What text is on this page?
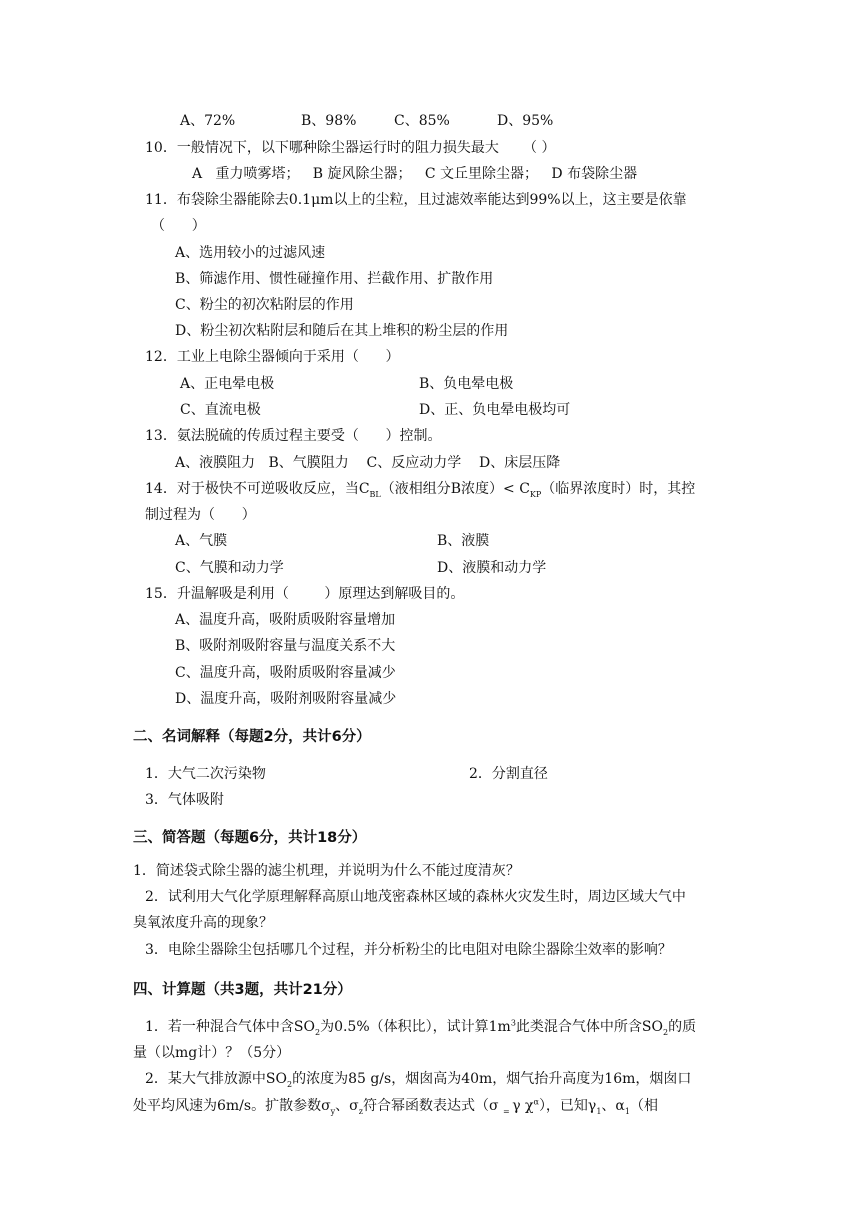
A、72%	B、98%	C、85%	D、95%
10．一般情况下，以下哪种除尘器运行时的阻力损失最大 （ ）
A   重力喷雾塔；   B 旋风除尘器；   C 文丘里除尘器；   D 布袋除尘器
11．布袋除尘器能除去0.1μm以上的尘粒，且过滤效率能达到99%以上，这主要是依靠
（      ）
A、选用较小的过滤风速
B、筛滤作用、惯性碰撞作用、拦截作用、扩散作用
C、粉尘的初次粘附层的作用
D、粉尘初次粘附层和随后在其上堆积的粉尘层的作用
12．工业上电除尘器倾向于采用（      ）
A、正电晕电极	B、负电晕电极
C、直流电极	D、正、负电晕电极均可
13．氨法脱硫的传质过程主要受（      ）控制。
A、液膜阻力   B、气膜阻力    C、反应动力学    D、床层压降
14．对于极快不可逆吸收反应，当$C_{BL}$（液相组分B浓度）< $C_{KP}$（临界浓度时）时，其控
制过程为（      ）
A、气膜	B、液膜
C、气膜和动力学	D、液膜和动力学
15．升温解吸是利用（        ）原理达到解吸目的。
A、温度升高，吸附质吸附容量增加
B、吸附剂吸附容量与温度关系不大
C、温度升高，吸附质吸附容量减少
D、温度升高，吸附剂吸附容量减少
二、名词解释（每题2分，共计6分）
1．大气二次污染物	2．分割直径
3．气体吸附
三、简答题（每题6分，共计18分）
1．简述袋式除尘器的滤尘机理，并说明为什么不能过度清灰？
2．试利用大气化学原理解释高原山地茂密森林区域的森林火灾发生时，周边区域大气中
臭氧浓度升高的现象？
3．电除尘器除尘包括哪几个过程，并分析粉尘的比电阻对电除尘器除尘效率的影响？
四、计算题（共3题，共计21分）
1．若一种混合气体中含$SO_2$为0.5%（体积比），试计算$1m^3$此类混合气体中所含$SO_2$的质
量（以mg计）？（5分）
2．某大气排放源中$SO_2$的浓度为85 g/s，烟囱高为40m，烟气抬升高度为16m，烟囱口
处平均风速为6m/s。扩散参数$\sigma_y$、$\sigma_z$符合幂函数表达式（σ $_=$ γ $\chi^\alpha$），已知$\gamma_1$、$\alpha_1$（相
